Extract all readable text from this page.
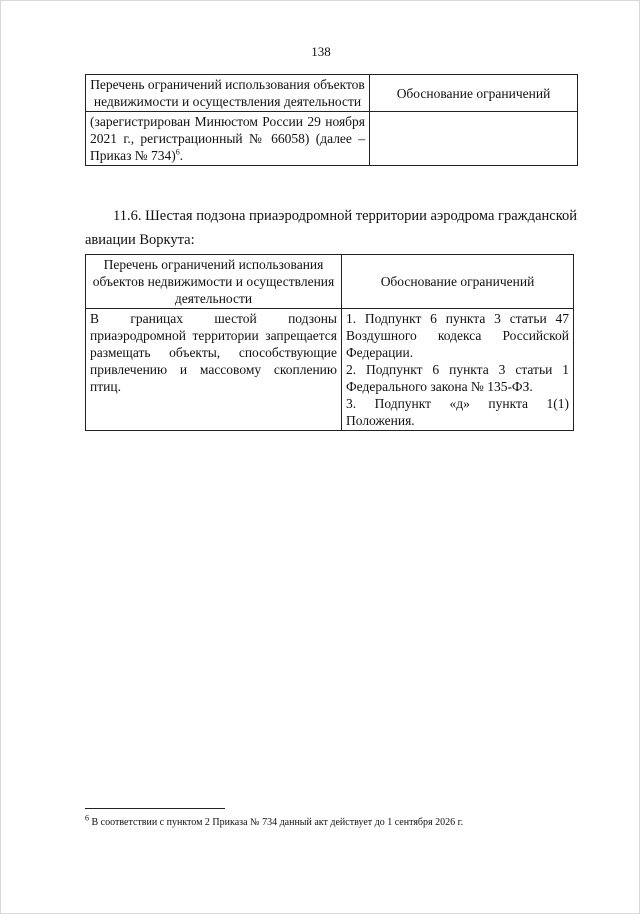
138
Перечень ограничений использования объектов недвижимости и осуществления деятельности	Обоснование ограничений
(зарегистрирован Минюстом России 29 ноября 2021 г., регистрационный № 66058) (далее – Приказ № 734)$^6$.	
11.6. Шестая подзона приаэродромной территории аэродрома гражданской
авиации Воркута:
Перечень ограничений использования объектов недвижимости и осуществления деятельности	Обоснование ограничений
В границах шестой подзоны приаэродромной территории запрещается размещать объекты, способствующие привлечению и массовому скоплению птиц.	1. Подпункт 6 пункта 3 статьи 47 Воздушного кодекса Российской Федерации.
2. Подпункт 6 пункта 3 статьи 1 Федерального закона № 135-ФЗ.
3. Подпункт «д» пункта 1(1) Положения.
$^6$ В соответствии с пунктом 2 Приказа № 734 данный акт действует до 1 сентября 2026 г.
